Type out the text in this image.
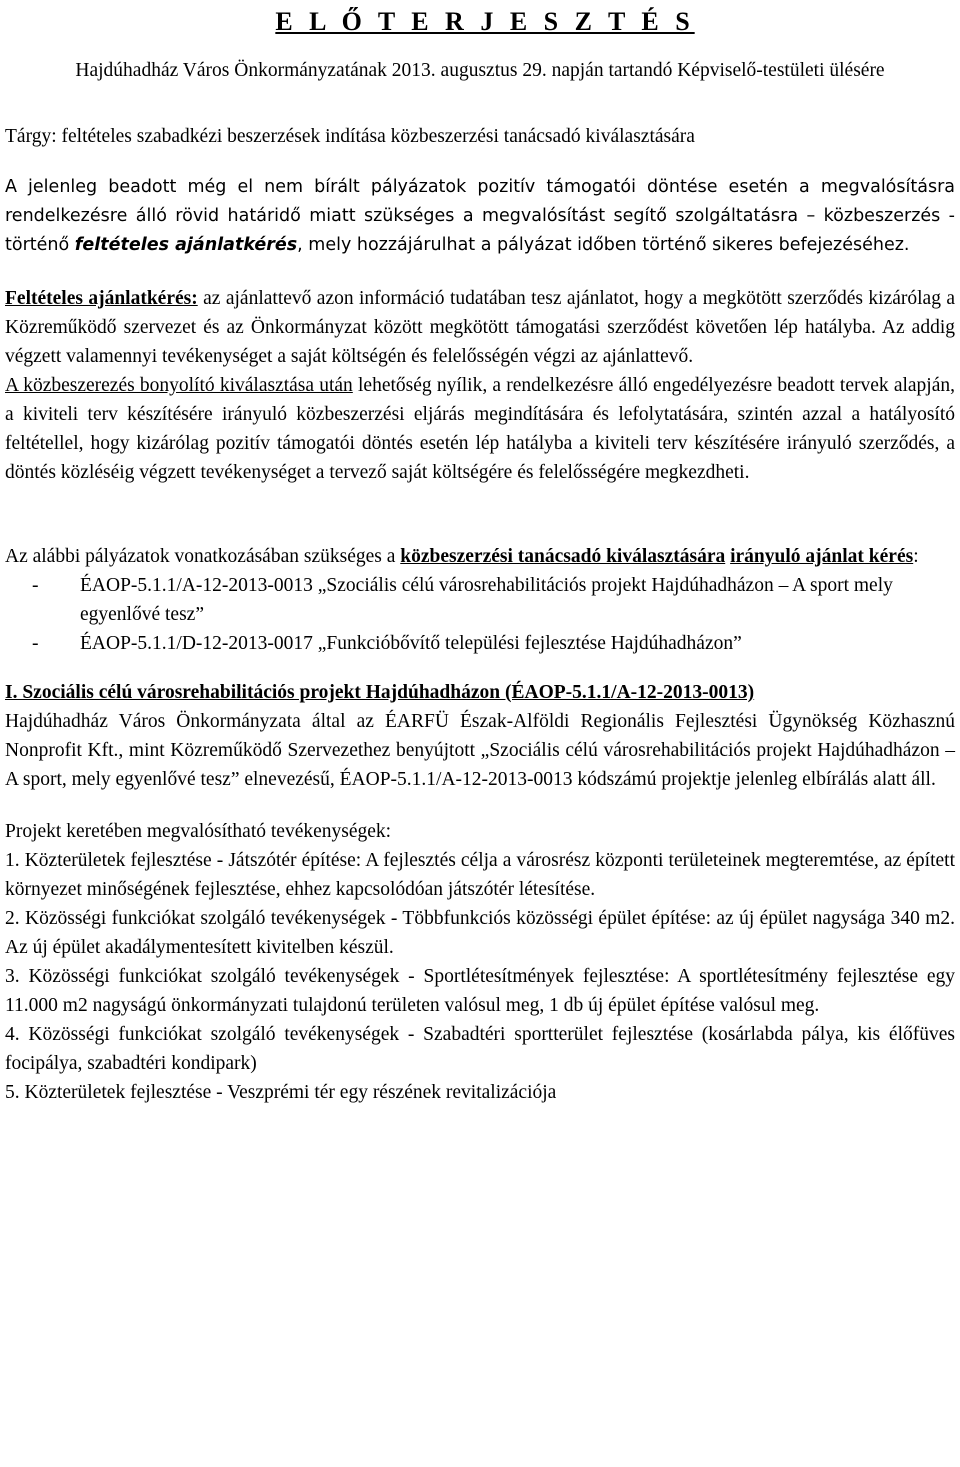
E L Ő T E R J E S Z T É S
Hajdúhadház Város Önkormányzatának 2013. augusztus 29. napján tartandó Képviselő-testületi ülésére

Tárgy: feltételes szabadkézi beszerzések indítása közbeszerzési tanácsadó kiválasztására

A jelenleg beadott még el nem bírált pályázatok pozitív támogatói döntése esetén a megvalósításra rendelkezésre álló rövid határidő miatt szükséges a megvalósítást segítő szolgáltatásra – közbeszerzés - történő feltételes ajánlatkérés, mely hozzájárulhat a pályázat időben történő sikeres befejezéséhez.

Feltételes ajánlatkérés: az ajánlattevő azon információ tudatában tesz ajánlatot, hogy a megkötött szerződés kizárólag a Közreműködő szervezet és az Önkormányzat között megkötött támogatási szerződést követően lép hatályba. Az addig végzett valamennyi tevékenységet a saját költségén és felelősségén végzi az ajánlattevő.

A közbeszerezés bonyolító kiválasztása után lehetőség nyílik, a rendelkezésre álló engedélyezésre beadott tervek alapján, a kiviteli terv készítésére irányuló közbeszerzési eljárás megindítására és lefolytatására, szintén azzal a hatályosító feltétellel, hogy kizárólag pozitív támogatói döntés esetén lép hatályba a kiviteli terv készítésére irányuló szerződés, a döntés közléséig végzett tevékenységet a tervező saját költségére és felelősségére megkezdheti.

Az alábbi pályázatok vonatkozásában szükséges a közbeszerzési tanácsadó kiválasztására irányuló ajánlat kérés:

-	ÉAOP-5.1.1/A-12-2013-0013 „Szociális célú városrehabilitációs projekt Hajdúhadházon – A sport mely egyenlővé tesz”
-	ÉAOP-5.1.1/D-12-2013-0017 „Funkcióbővítő települési fejlesztése Hajdúhadházon”

I. Szociális célú városrehabilitációs projekt Hajdúhadházon (ÉAOP-5.1.1/A-12-2013-0013)

Hajdúhadház Város Önkormányzata által az ÉARFÜ Észak-Alföldi Regionális Fejlesztési Ügynökség Közhasznú Nonprofit Kft., mint Közreműködő Szervezethez benyújtott „Szociális célú városrehabilitációs projekt Hajdúhadházon – A sport, mely egyenlővé tesz” elnevezésű, ÉAOP-5.1.1/A-12-2013-0013 kódszámú projektje jelenleg elbírálás alatt áll.

Projekt keretében megvalósítható tevékenységek:

1. Közterületek fejlesztése - Játszótér építése: A fejlesztés célja a városrész központi területeinek megteremtése, az épített környezet minőségének fejlesztése, ehhez kapcsolódóan játszótér létesítése.

2. Közösségi funkciókat szolgáló tevékenységek - Többfunkciós közösségi épület építése: az új épület nagysága 340 m2. Az új épület akadálymentesített kivitelben készül.

3. Közösségi funkciókat szolgáló tevékenységek - Sportlétesítmények fejlesztése: A sportlétesítmény fejlesztése egy 11.000 m2 nagyságú önkormányzati tulajdonú területen valósul meg, 1 db új épület építése valósul meg.

4. Közösségi funkciókat szolgáló tevékenységek - Szabadtéri sportterület fejlesztése (kosárlabda pálya, kis élőfüves focipálya, szabadtéri kondipark)

5. Közterületek fejlesztése - Veszprémi tér egy részének revitalizációja
